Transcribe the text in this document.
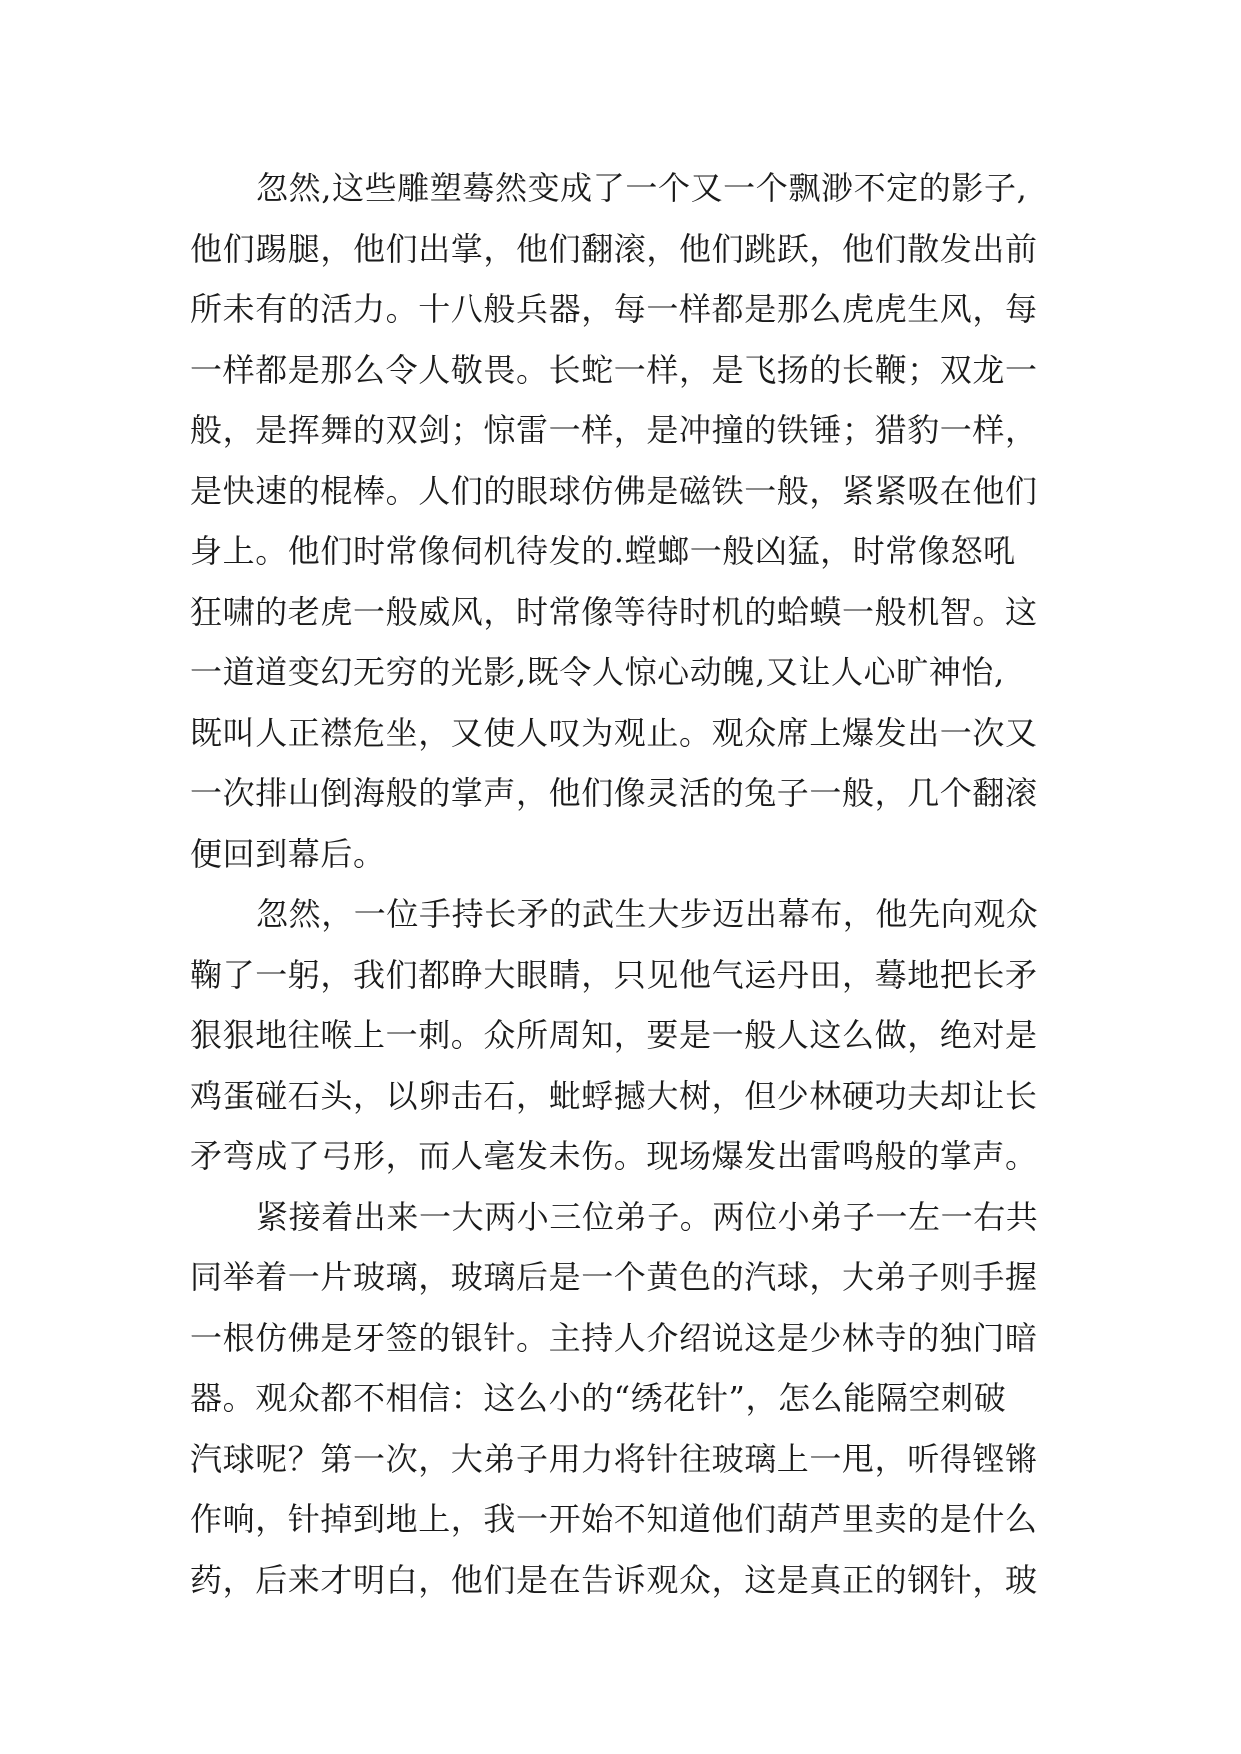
忽然,这些雕塑蓦然变成了一个又一个飘渺不定的影子,
他们踢腿，他们出掌，他们翻滚，他们跳跃，他们散发出前
所未有的活力。十八般兵器，每一样都是那么虎虎生风，每
一样都是那么令人敬畏。长蛇一样，是飞扬的长鞭；双龙一
般，是挥舞的双剑；惊雷一样，是冲撞的铁锤；猎豹一样，
是快速的棍棒。人们的眼球仿佛是磁铁一般，紧紧吸在他们
身上。他们时常像伺机待发的.螳螂一般凶猛，时常像怒吼
狂啸的老虎一般威风，时常像等待时机的蛤蟆一般机智。这
一道道变幻无穷的光影,既令人惊心动魄,又让人心旷神怡,
既叫人正襟危坐，又使人叹为观止。观众席上爆发出一次又
一次排山倒海般的掌声，他们像灵活的兔子一般，几个翻滚
便回到幕后。
忽然，一位手持长矛的武生大步迈出幕布，他先向观众
鞠了一躬，我们都睁大眼睛，只见他气运丹田，蓦地把长矛
狠狠地往喉上一刺。众所周知，要是一般人这么做，绝对是
鸡蛋碰石头，以卵击石，蚍蜉撼大树，但少林硬功夫却让长
矛弯成了弓形，而人毫发未伤。现场爆发出雷鸣般的掌声。
紧接着出来一大两小三位弟子。两位小弟子一左一右共
同举着一片玻璃，玻璃后是一个黄色的汽球，大弟子则手握
一根仿佛是牙签的银针。主持人介绍说这是少林寺的独门暗
器。观众都不相信：这么小的“绣花针”，怎么能隔空刺破
汽球呢？第一次，大弟子用力将针往玻璃上一甩，听得铿锵
作响，针掉到地上，我一开始不知道他们葫芦里卖的是什么
药，后来才明白，他们是在告诉观众，这是真正的钢针，玻
